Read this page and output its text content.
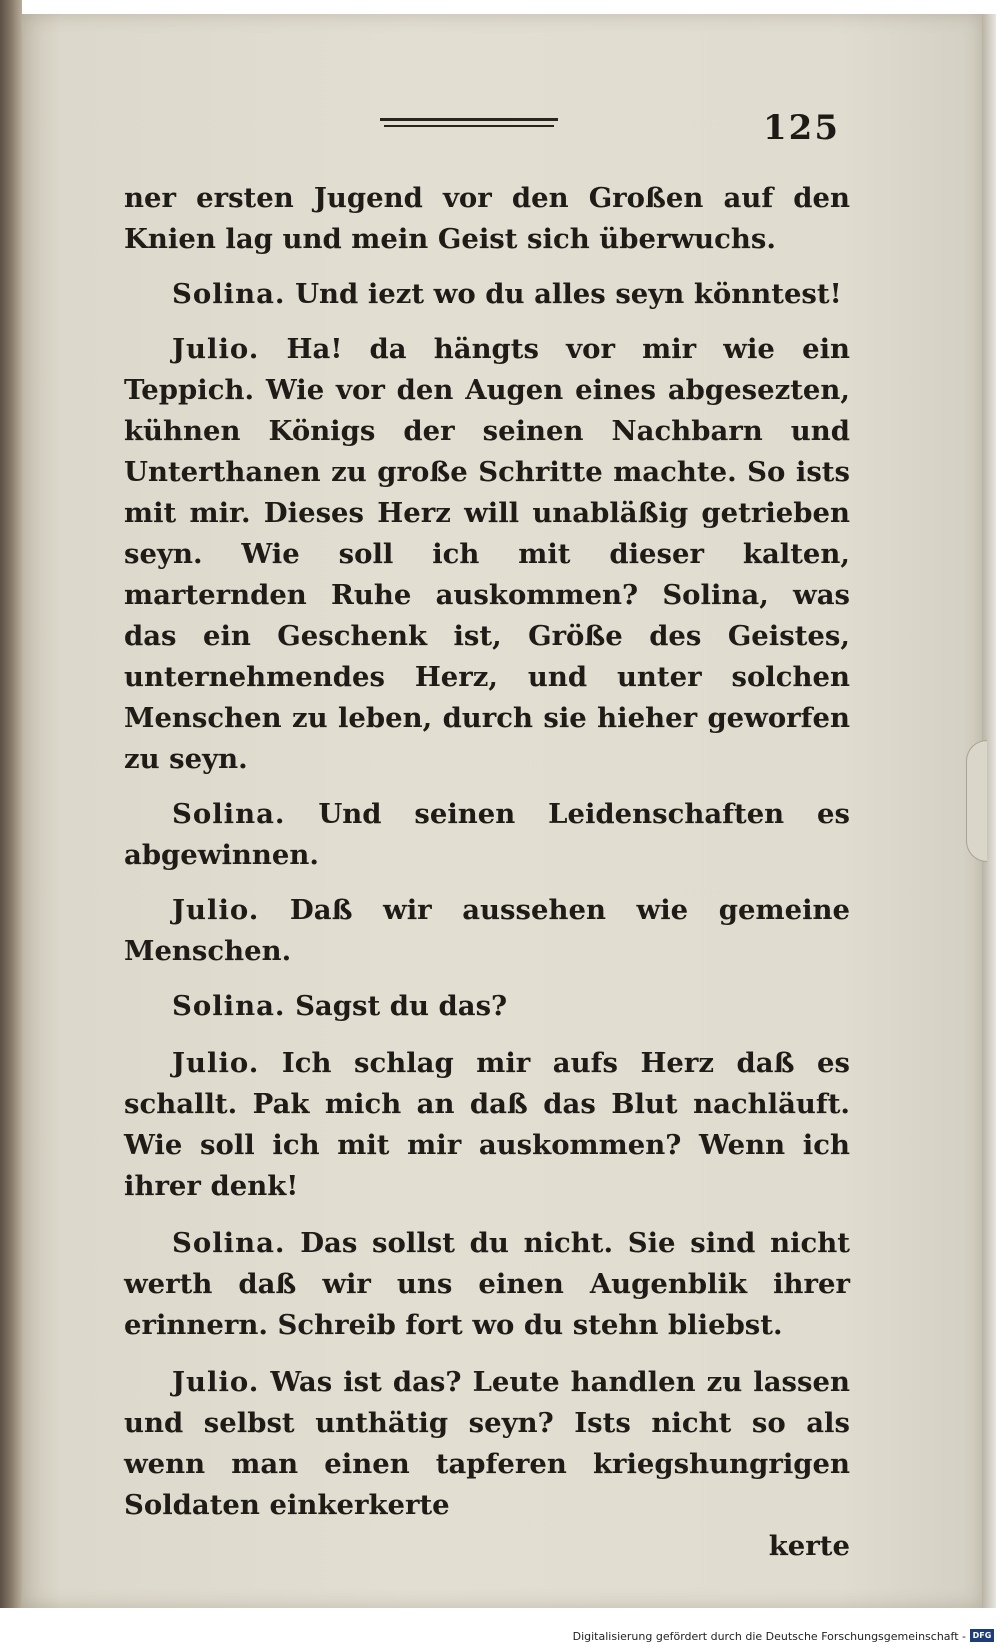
125

ner ersten Jugend vor den Großen auf den Knien lag und mein Geist sich überwuchs.

Solina. Und iezt wo du alles seyn könntest!

Julio. Ha! da hängts vor mir wie ein Teppich. Wie vor den Augen eines abgesezten, kühnen Königs der seinen Nachbarn und Unterthanen zu große Schritte machte. So ists mit mir. Dieses Herz will unabläßig getrieben seyn. Wie soll ich mit dieser kalten, marternden Ruhe auskommen? Solina, was das ein Geschenk ist, Größe des Geistes, unternehmendes Herz, und unter solchen Menschen zu leben, durch sie hieher geworfen zu seyn.

Solina. Und seinen Leidenschaften es abgewinnen.

Julio. Daß wir aussehen wie gemeine Menschen.

Solina. Sagst du das?

Julio. Ich schlag mir aufs Herz daß es schallt. Pak mich an daß das Blut nachläuft. Wie soll ich mit mir auskommen? Wenn ich ihrer denk!

Solina. Das sollst du nicht. Sie sind nicht werth daß wir uns einen Augenblik ihrer erinnern. Schreib fort wo du stehn bliebst.

Julio. Was ist das? Leute handlen zu lassen und selbst unthätig seyn? Ists nicht so als wenn man einen tapferen kriegshungrigen Soldaten einkerkerte

kerte
Digitalisierung gefördert durch die Deutsche Forschungsgemeinschaft - DFG
